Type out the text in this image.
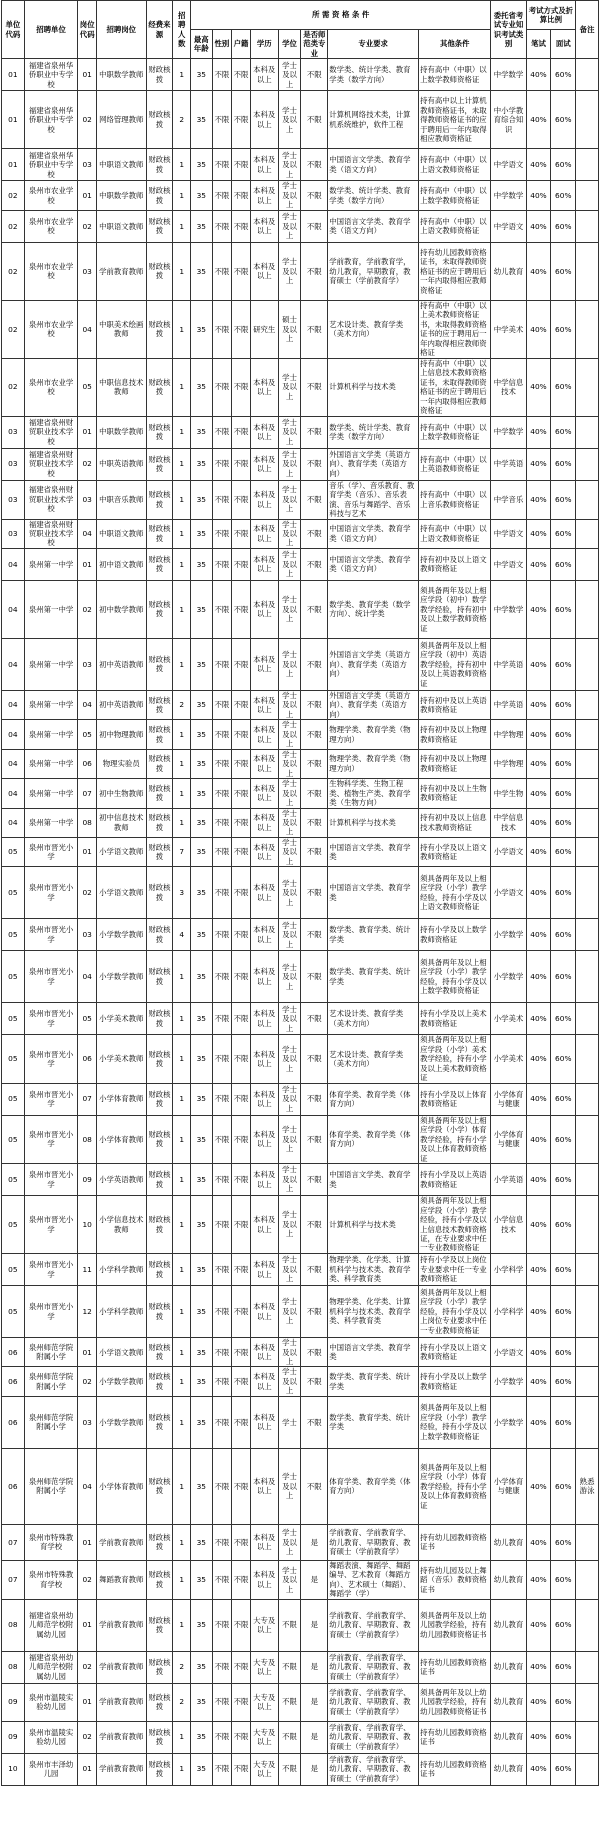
单位代码	招聘单位	岗位代码	招聘岗位	经费来源	招聘人数	所 需 资 格 条 件								委托省考试专业知识考试类别	考试方式及折算比例		备注
						最高年龄	性别	户籍	学历	学位	是否师范类专业	专业要求	其他条件		笔试	面试	
01	福建省泉州华侨职业中专学校	01	中职数学教师	财政核拨	1	35	不限	不限	本科及以上	学士及以上	不限	数学类、统计学类、教育学类（数学方向）	持有高中（中职）以上数学教师资格证	中学数学	40%	60%	
01	福建省泉州华侨职业中专学校	02	网络管理教师	财政核拨	2	35	不限	不限	本科及以上	学士及以上	不限	计算机网络技术类，计算机系统维护，软件工程	持有高中以上计算机教师资格证书，未取得教师资格证书的应于聘用后一年内取得相应教师资格证	中小学教育综合知识	40%	60%	
01	福建省泉州华侨职业中专学校	03	中职语文教师	财政核拨	1	35	不限	不限	本科及以上	学士及以上	不限	中国语言文学类、教育学类（语文方向）	持有高中（中职）以上语文教师资格证	中学语文	40%	60%	
02	泉州市农业学校	01	中职数学教师	财政核拨	1	35	不限	不限	本科及以上	学士及以上	不限	数学类、统计学类、教育学类（数学方向）	持有高中（中职）以上数学教师资格证	中学数学	40%	60%	
02	泉州市农业学校	02	中职语文教师	财政核拨	1	35	不限	不限	本科及以上	学士及以上	不限	中国语言文学类、教育学类（语文方向）	持有高中（中职）以上语文教师资格证	中学语文	40%	60%	
02	泉州市农业学校	03	学前教育教师	财政核拨	1	35	不限	不限	本科及以上	学士及以上	不限	学前教育，学前教育学，幼儿教育，早期教育，教育硕士（学前教育学）	持有幼儿园教师资格证书，未取得教师资格证书的应于聘用后一年内取得相应教师资格证	幼儿教育	40%	60%	
02	泉州市农业学校	04	中职美术绘画教师	财政核拨	1	35	不限	不限	研究生	硕士及以上	不限	艺术设计类、教育学类（美术方向）	持有高中（中职）以上美术教师资格证书，未取得教师资格证书的应于聘用后一年内取得相应教师资格证	中学美术	40%	60%	
02	泉州市农业学校	05	中职信息技术教师	财政核拨	1	35	不限	不限	本科及以上	学士及以上	不限	计算机科学与技术类	持有高中（中职）以上信息技术教师资格证书，未取得教师资格证书的应于聘用后一年内取得相应教师资格证	中学信息技术	40%	60%	
03	福建省泉州财贸职业技术学校	01	中职数学教师	财政核拨	1	35	不限	不限	本科及以上	学士及以上	不限	数学类、统计学类、教育学类（数学方向）	持有高中（中职）以上数学教师资格证	中学数学	40%	60%	
03	福建省泉州财贸职业技术学校	02	中职英语教师	财政核拨	1	35	不限	不限	本科及以上	学士及以上	不限	外国语言文学类（英语方向）、教育学类（英语方向）	持有高中（中职）以上英语教师资格证	中学英语	40%	60%	
03	福建省泉州财贸职业技术学校	03	中职音乐教师	财政核拨	1	35	不限	不限	本科及以上	学士及以上	不限	音乐（学）、音乐教育、教育学类（音乐）、音乐表演、音乐与舞蹈学、音乐科技与艺术	持有高中（中职）以上音乐教师资格证	中学音乐	40%	60%	
03	福建省泉州财贸职业技术学校	04	中职语文教师	财政核拨	1	35	不限	不限	本科及以上	学士及以上	不限	中国语言文学类、教育学类（语文方向）	持有高中（中职）以上语文教师资格证	中学语文	40%	60%	
04	泉州第一中学	01	初中语文教师	财政核拨	1	35	不限	不限	本科及以上	学士及以上	不限	中国语言文学类、教育学类（语文方向）	持有初中及以上语文教师资格证	中学语文	40%	60%	
04	泉州第一中学	02	初中数学教师	财政核拨	1	35	不限	不限	本科及以上	学士及以上	不限	数学类、教育学类（数学方向）、统计学类	须具备两年及以上相应学段（初中）数学教学经验，持有初中及以上数学教师资格证	中学数学	40%	60%	
04	泉州第一中学	03	初中英语教师	财政核拨	1	35	不限	不限	本科及以上	学士及以上	不限	外国语言文学类（英语方向）、教育学类（英语方向）	须具备两年及以上相应学段（初中）英语教学经验，持有初中及以上英语教师资格证	中学英语	40%	60%	
04	泉州第一中学	04	初中英语教师	财政核拨	2	35	不限	不限	本科及以上	学士及以上	不限	外国语言文学类（英语方向）、教育学类（英语方向）	持有初中及以上英语教师资格证	中学英语	40%	60%	
04	泉州第一中学	05	初中物理教师	财政核拨	1	35	不限	不限	本科及以上	学士及以上	不限	物理学类、教育学类（物理方向）	持有初中及以上物理教师资格证	中学物理	40%	60%	
04	泉州第一中学	06	物理实验员	财政核拨	1	35	不限	不限	本科及以上	学士及以上	不限	物理学类、教育学类（物理方向）	持有初中及以上物理教师资格证	中学物理	40%	60%	
04	泉州第一中学	07	初中生物教师	财政核拨	1	35	不限	不限	本科及以上	学士及以上	不限	生物科学类、生物工程类、植物生产类、教育学类（生物方向）	持有初中及以上生物教师资格证	中学生物	40%	60%	
04	泉州第一中学	08	初中信息技术教师	财政核拨	1	35	不限	不限	本科及以上	学士及以上	不限	计算机科学与技术类	持有初中及以上信息技术教师资格证	中学信息技术	40%	60%	
05	泉州市晋光小学	01	小学语文教师	财政核拨	7	35	不限	不限	本科及以上	学士及以上	不限	中国语言文学类、教育学类	持有小学及以上语文教师资格证	小学语文	40%	60%	
05	泉州市晋光小学	02	小学语文教师	财政核拨	3	35	不限	不限	本科及以上	学士及以上	不限	中国语言文学类、教育学类	须具备两年及以上相应学段（小学）教学经验，持有小学及以上语文教师资格证	小学语文	40%	60%	
05	泉州市晋光小学	03	小学数学教师	财政核拨	4	35	不限	不限	本科及以上	学士及以上	不限	数学类、教育学类、统计学类	持有小学及以上数学教师资格证	小学数学	40%	60%	
05	泉州市晋光小学	04	小学数学教师	财政核拨	1	35	不限	不限	本科及以上	学士及以上	不限	数学类、教育学类、统计学类	须具备两年及以上相应学段（小学）教学经验，持有小学及以上数学教师资格证	小学数学	40%	60%	
05	泉州市晋光小学	05	小学美术教师	财政核拨	1	35	不限	不限	本科及以上	学士及以上	不限	艺术设计类、教育学类（美术方向）	持有小学及以上美术教师资格证	小学美术	40%	60%	
05	泉州市晋光小学	06	小学美术教师	财政核拨	1	35	不限	不限	本科及以上	学士及以上	不限	艺术设计类、教育学类（美术方向）	须具备两年及以上相应学段（小学）美术教学经验，持有小学及以上美术教师资格证	小学美术	40%	60%	
05	泉州市晋光小学	07	小学体育教师	财政核拨	1	35	不限	不限	本科及以上	学士及以上	不限	体育学类、教育学类（体育方向）	持有小学及以上体育教师资格证	小学体育与健康	40%	60%	
05	泉州市晋光小学	08	小学体育教师	财政核拨	1	35	不限	不限	本科及以上	学士及以上	不限	体育学类、教育学类（体育方向）	须具备两年及以上相应学段（小学）体育教学经验，持有小学及以上体育教师资格证	小学体育与健康	40%	60%	
05	泉州市晋光小学	09	小学英语教师	财政核拨	1	35	不限	不限	本科及以上	学士及以上	不限	中国语言文学类、教育学类	持有小学及以上英语教师资格证	小学英语	40%	60%	
05	泉州市晋光小学	10	小学信息技术教师	财政核拨	1	35	不限	不限	本科及以上	学士及以上	不限	计算机科学与技术类	须具备两年及以上相应学段（小学）教学经验，持有小学及以上信息技术教师资格证，在专业要求中任一专业教师资格证	小学信息技术	40%	60%	
05	泉州市晋光小学	11	小学科学教师	财政核拨	1	35	不限	不限	本科及以上	学士及以上	不限	物理学类、化学类、计算机科学与技术类、教育学类、科学教育类	持有小学及以上岗位专业要求中任一专业教师资格证	小学科学	40%	60%	
05	泉州市晋光小学	12	小学科学教师	财政核拨	1	35	不限	不限	本科及以上	学士及以上	不限	物理学类、化学类、计算机科学与技术类、教育学类、科学教育类	须具备两年及以上相应学段（小学）教学经验，持有小学及以上岗位专业要求中任一专业教师资格证	小学科学	40%	60%	
06	泉州师范学院附属小学	01	小学语文教师	财政核拨	1	35	不限	不限	本科及以上	学士及以上	不限	中国语言文学类、教育学类	持有小学及以上语文教师资格证	小学语文	40%	60%	
06	泉州师范学院附属小学	02	小学数学教师	财政核拨	1	35	不限	不限	本科及以上	学士及以上	不限	数学类、教育学类、统计学类	持有小学及以上数学教师资格证	小学数学	40%	60%	
06	泉州师范学院附属小学	03	小学数学教师	财政核拨	1	35	不限	不限	本科及以上	学士	不限	数学类、教育学类、统计学类	须具备两年及以上相应学段（小学）教学经验，持有小学及以上数学教师资格证	小学数学	40%	60%	
06	泉州师范学院附属小学	04	小学体育教师	财政核拨	1	35	不限	不限	本科及以上	学士及以上	不限	体育学类、教育学类（体育方向）	须具备两年及以上相应学段（小学）体育教学经验，持有小学及以上体育教师资格证	小学体育与健康	40%	60%	熟悉游泳
07	泉州市特殊教育学校	01	学前教育教师	财政核拨	1	35	不限	不限	本科及以上	学士及以上	是	学前教育、学前教育学、幼儿教育、早期教育、教育硕士（学前教育学）	持有幼儿园教师资格证书	幼儿教育	40%	60%	
07	泉州市特殊教育学校	02	舞蹈教育教师	财政核拨	1	35	不限	不限	本科及以上	学士及以上	是	舞蹈表演、舞蹈学、舞蹈编导、艺术教育（舞蹈方向）、艺术硕士（舞蹈）、舞蹈学（学）	持有幼儿园及以上舞蹈（音乐）教师资格证书	幼儿教育	40%	60%	
08	福建省泉州幼儿师范学校附属幼儿园	01	学前教育教师	财政核拨	1	35	不限	不限	大专及以上	不限	是	学前教育、学前教育学、幼儿教育、早期教育、教育硕士（学前教育学）	须具备两年及以上幼儿园教学经验，持有幼儿园教师资格证书	幼儿教育	40%	60%	
08	福建省泉州幼儿师范学校附属幼儿园	02	学前教育教师	财政核拨	2	35	不限	不限	大专及以上	不限	是	学前教育、学前教育学、幼儿教育、早期教育、教育硕士（学前教育学）	持有幼儿园教师资格证书	幼儿教育	40%	60%	
09	泉州市温陵实验幼儿园	01	学前教育教师	财政核拨	2	35	不限	不限	大专及以上	不限	是	学前教育、学前教育学、幼儿教育、早期教育、教育硕士（学前教育学）	须具备两年及以上幼儿园教学经验，持有幼儿园教师资格证书	幼儿教育	40%	60%	
09	泉州市温陵实验幼儿园	02	学前教育教师	财政核拨	1	35	不限	不限	大专及以上	不限	是	学前教育、学前教育学、幼儿教育、早期教育、教育硕士（学前教育学）	持有幼儿园教师资格证书	幼儿教育	40%	60%	
10	泉州市丰泽幼儿园	01	学前教育教师	财政核拨	1	35	不限	不限	大专及以上	不限	是	学前教育、学前教育学、幼儿教育、早期教育、教育硕士（学前教育学）	持有幼儿园教师资格证书	幼儿教育	40%	60%	
